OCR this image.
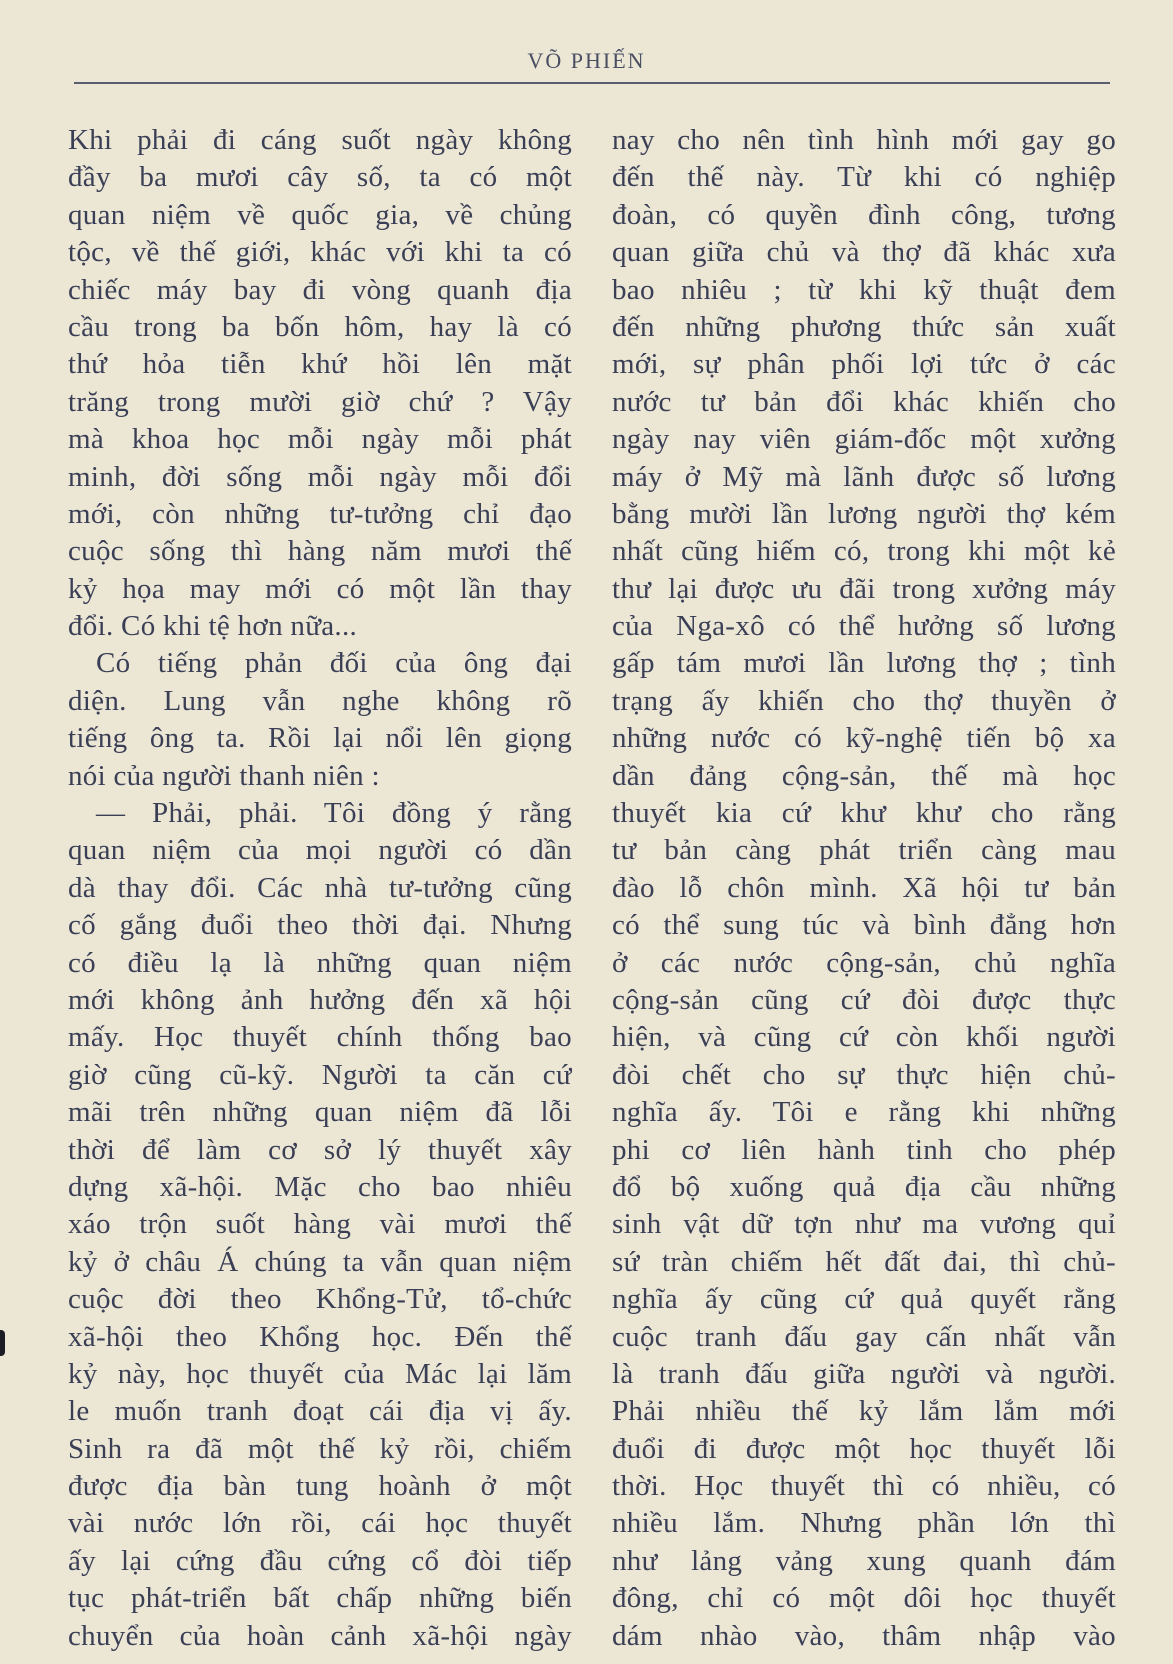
VÕ PHIẾN
Khi phải đi cáng suốt ngày không
đầy ba mươi cây số, ta có một
quan niệm về quốc gia, về chủng
tộc, về thế giới, khác với khi ta có
chiếc máy bay đi vòng quanh địa
cầu trong ba bốn hôm, hay là có
thứ hỏa tiễn khứ hồi lên mặt
trăng trong mười giờ chứ ? Vậy
mà khoa học mỗi ngày mỗi phát
minh, đời sống mỗi ngày mỗi đổi
mới, còn những tư-tưởng chỉ đạo
cuộc sống thì hàng năm mươi thế
kỷ họa may mới có một lần thay
đổi. Có khi tệ hơn nữa...
Có tiếng phản đối của ông đại
diện. Lung vẫn nghe không rõ
tiếng ông ta. Rồi lại nổi lên giọng
nói của người thanh niên :
— Phải, phải. Tôi đồng ý rằng
quan niệm của mọi người có dần
dà thay đổi. Các nhà tư-tưởng cũng
cố gắng đuổi theo thời đại. Nhưng
có điều lạ là những quan niệm
mới không ảnh hưởng đến xã hội
mấy. Học thuyết chính thống bao
giờ cũng cũ-kỹ. Người ta căn cứ
mãi trên những quan niệm đã lỗi
thời để làm cơ sở lý thuyết xây
dựng xã-hội. Mặc cho bao nhiêu
xáo trộn suốt hàng vài mươi thế
kỷ ở châu Á chúng ta vẫn quan niệm
cuộc đời theo Khổng-Tử, tổ-chức
xã-hội theo Khổng học. Đến thế
kỷ này, học thuyết của Mác lại lăm
le muốn tranh đoạt cái địa vị ấy.
Sinh ra đã một thế kỷ rồi, chiếm
được địa bàn tung hoành ở một
vài nước lớn rồi, cái học thuyết
ấy lại cứng đầu cứng cổ đòi tiếp
tục phát-triển bất chấp những biến
chuyển của hoàn cảnh xã-hội ngày
nay cho nên tình hình mới gay go
đến thế này. Từ khi có nghiệp
đoàn, có quyền đình công, tương
quan giữa chủ và thợ đã khác xưa
bao nhiêu ; từ khi kỹ thuật đem
đến những phương thức sản xuất
mới, sự phân phối lợi tức ở các
nước tư bản đổi khác khiến cho
ngày nay viên giám-đốc một xưởng
máy ở Mỹ mà lãnh được số lương
bằng mười lần lương người thợ kém
nhất cũng hiếm có, trong khi một kẻ
thư lại được ưu đãi trong xưởng máy
của Nga-xô có thể hưởng số lương
gấp tám mươi lần lương thợ ; tình
trạng ấy khiến cho thợ thuyền ở
những nước có kỹ-nghệ tiến bộ xa
dần đảng cộng-sản, thế mà học
thuyết kia cứ khư khư cho rằng
tư bản càng phát triển càng mau
đào lỗ chôn mình. Xã hội tư bản
có thể sung túc và bình đẳng hơn
ở các nước cộng-sản, chủ nghĩa
cộng-sản cũng cứ đòi được thực
hiện, và cũng cứ còn khối người
đòi chết cho sự thực hiện chủ-
nghĩa ấy. Tôi e rằng khi những
phi cơ liên hành tinh cho phép
đổ bộ xuống quả địa cầu những
sinh vật dữ tợn như ma vương quỉ
sứ tràn chiếm hết đất đai, thì chủ-
nghĩa ấy cũng cứ quả quyết rằng
cuộc tranh đấu gay cấn nhất vẫn
là tranh đấu giữa người và người.
Phải nhiều thế kỷ lắm lắm mới
đuổi đi được một học thuyết lỗi
thời. Học thuyết thì có nhiều, có
nhiều lắm. Nhưng phần lớn thì
như lảng vảng xung quanh đám
đông, chỉ có một dôi học thuyết
dám nhào vào, thâm nhập vào
